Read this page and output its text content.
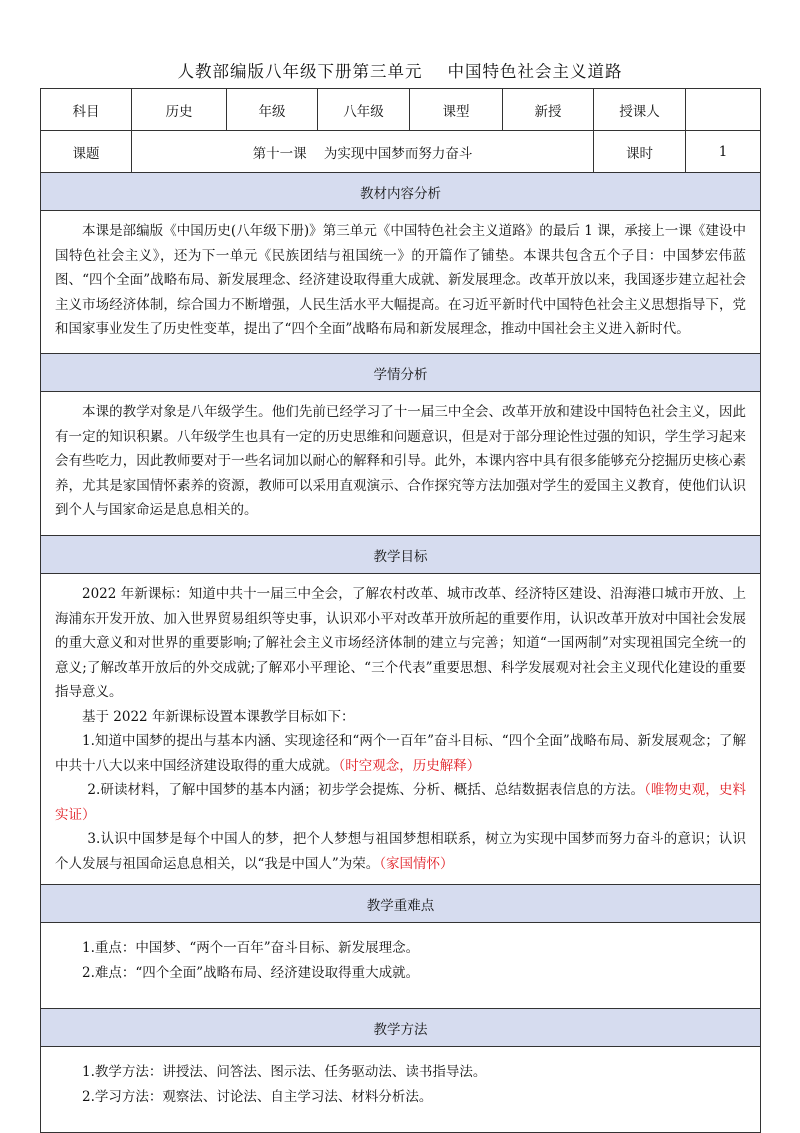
人教部编版八年级下册第三单元    中国特色社会主义道路
科目	历史	年级	八年级	课型	新授	授课人	
课题	第十一课    为实现中国梦而努力奋斗					课时	1
教材内容分析							

本课是部编版《中国历史(八年级下册)》第三单元《中国特色社会主义道路》的最后 1 课，承接上一课《建设中国特色社会主义》，还为下一单元《民族团结与祖国统一》的开篇作了铺垫。本课共包含五个子目：中国梦宏伟蓝图、“四个全面”战略布局、新发展理念、经济建设取得重大成就、新发展理念。改革开放以来，我国逐步建立起社会主义市场经济体制，综合国力不断增强，人民生活水平大幅提高。在习近平新时代中国特色社会主义思想指导下，党和国家事业发生了历史性变革，提出了“四个全面”战略布局和新发展理念，推动中国社会主义进入新时代。							

学情分析							

本课的教学对象是八年级学生。他们先前已经学习了十一届三中全会、改革开放和建设中国特色社会主义，因此有一定的知识积累。八年级学生也具有一定的历史思维和问题意识，但是对于部分理论性过强的知识，学生学习起来会有些吃力，因此教师要对于一些名词加以耐心的解释和引导。此外，本课内容中具有很多能够充分挖掘历史核心素养，尤其是家国情怀素养的资源，教师可以采用直观演示、合作探究等方法加强对学生的爱国主义教育，使他们认识到个人与国家命运是息息相关的。							

教学目标							

2022 年新课标：知道中共十一届三中全会，了解农村改革、城市改革、经济特区建设、沿海港口城市开放、上海浦东开发开放、加入世界贸易组织等史事，认识邓小平对改革开放所起的重要作用，认识改革开放对中国社会发展的重大意义和对世界的重要影响;了解社会主义市场经济体制的建立与完善；知道“一国两制”对实现祖国完全统一的意义;了解改革开放后的外交成就;了解邓小平理论、“三个代表”重要思想、科学发展观对社会主义现代化建设的重要指导意义。

基于 2022 年新课标设置本课教学目标如下：

1.知道中国梦的提出与基本内涵、实现途径和“两个一百年”奋斗目标、“四个全面”战略布局、新发展观念；了解中共十八大以来中国经济建设取得的重大成就。（时空观念，历史解释）

2.研读材料，了解中国梦的基本内涵；初步学会提炼、分析、概括、总结数据表信息的方法。（唯物史观，史料实证）

3.认识中国梦是每个中国人的梦，把个人梦想与祖国梦想相联系，树立为实现中国梦而努力奋斗的意识；认识个人发展与祖国命运息息相关，以“我是中国人”为荣。（家国情怀）							

教学重难点							

1.重点：中国梦、“两个一百年”奋斗目标、新发展理念。

2.难点：“四个全面”战略布局、经济建设取得重大成就。							

教学方法							

1.教学方法：讲授法、问答法、图示法、任务驱动法、读书指导法。

2.学习方法：观察法、讨论法、自主学习法、材料分析法。							
